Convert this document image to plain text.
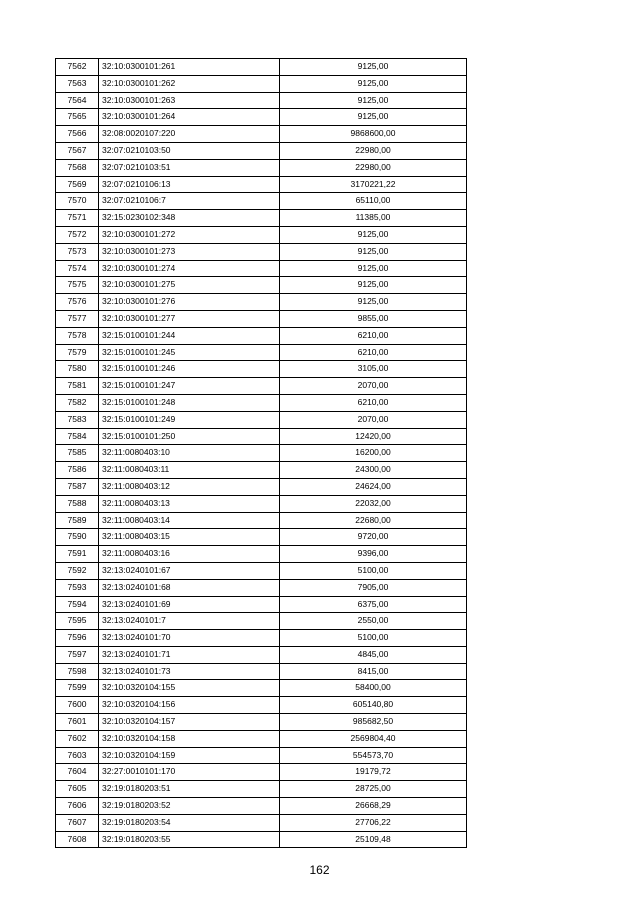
7562	32:10:0300101:261	9125,00
7563	32:10:0300101:262	9125,00
7564	32:10:0300101:263	9125,00
7565	32:10:0300101:264	9125,00
7566	32:08:0020107:220	9868600,00
7567	32:07:0210103:50	22980,00
7568	32:07:0210103:51	22980,00
7569	32:07:0210106:13	3170221,22
7570	32:07:0210106:7	65110,00
7571	32:15:0230102:348	11385,00
7572	32:10:0300101:272	9125,00
7573	32:10:0300101:273	9125,00
7574	32:10:0300101:274	9125,00
7575	32:10:0300101:275	9125,00
7576	32:10:0300101:276	9125,00
7577	32:10:0300101:277	9855,00
7578	32:15:0100101:244	6210,00
7579	32:15:0100101:245	6210,00
7580	32:15:0100101:246	3105,00
7581	32:15:0100101:247	2070,00
7582	32:15:0100101:248	6210,00
7583	32:15:0100101:249	2070,00
7584	32:15:0100101:250	12420,00
7585	32:11:0080403:10	16200,00
7586	32:11:0080403:11	24300,00
7587	32:11:0080403:12	24624,00
7588	32:11:0080403:13	22032,00
7589	32:11:0080403:14	22680,00
7590	32:11:0080403:15	9720,00
7591	32:11:0080403:16	9396,00
7592	32:13:0240101:67	5100,00
7593	32:13:0240101:68	7905,00
7594	32:13:0240101:69	6375,00
7595	32:13:0240101:7	2550,00
7596	32:13:0240101:70	5100,00
7597	32:13:0240101:71	4845,00
7598	32:13:0240101:73	8415,00
7599	32:10:0320104:155	58400,00
7600	32:10:0320104:156	605140,80
7601	32:10:0320104:157	985682,50
7602	32:10:0320104:158	2569804,40
7603	32:10:0320104:159	554573,70
7604	32:27:0010101:170	19179,72
7605	32:19:0180203:51	28725,00
7606	32:19:0180203:52	26668,29
7607	32:19:0180203:54	27706,22
7608	32:19:0180203:55	25109,48
162
